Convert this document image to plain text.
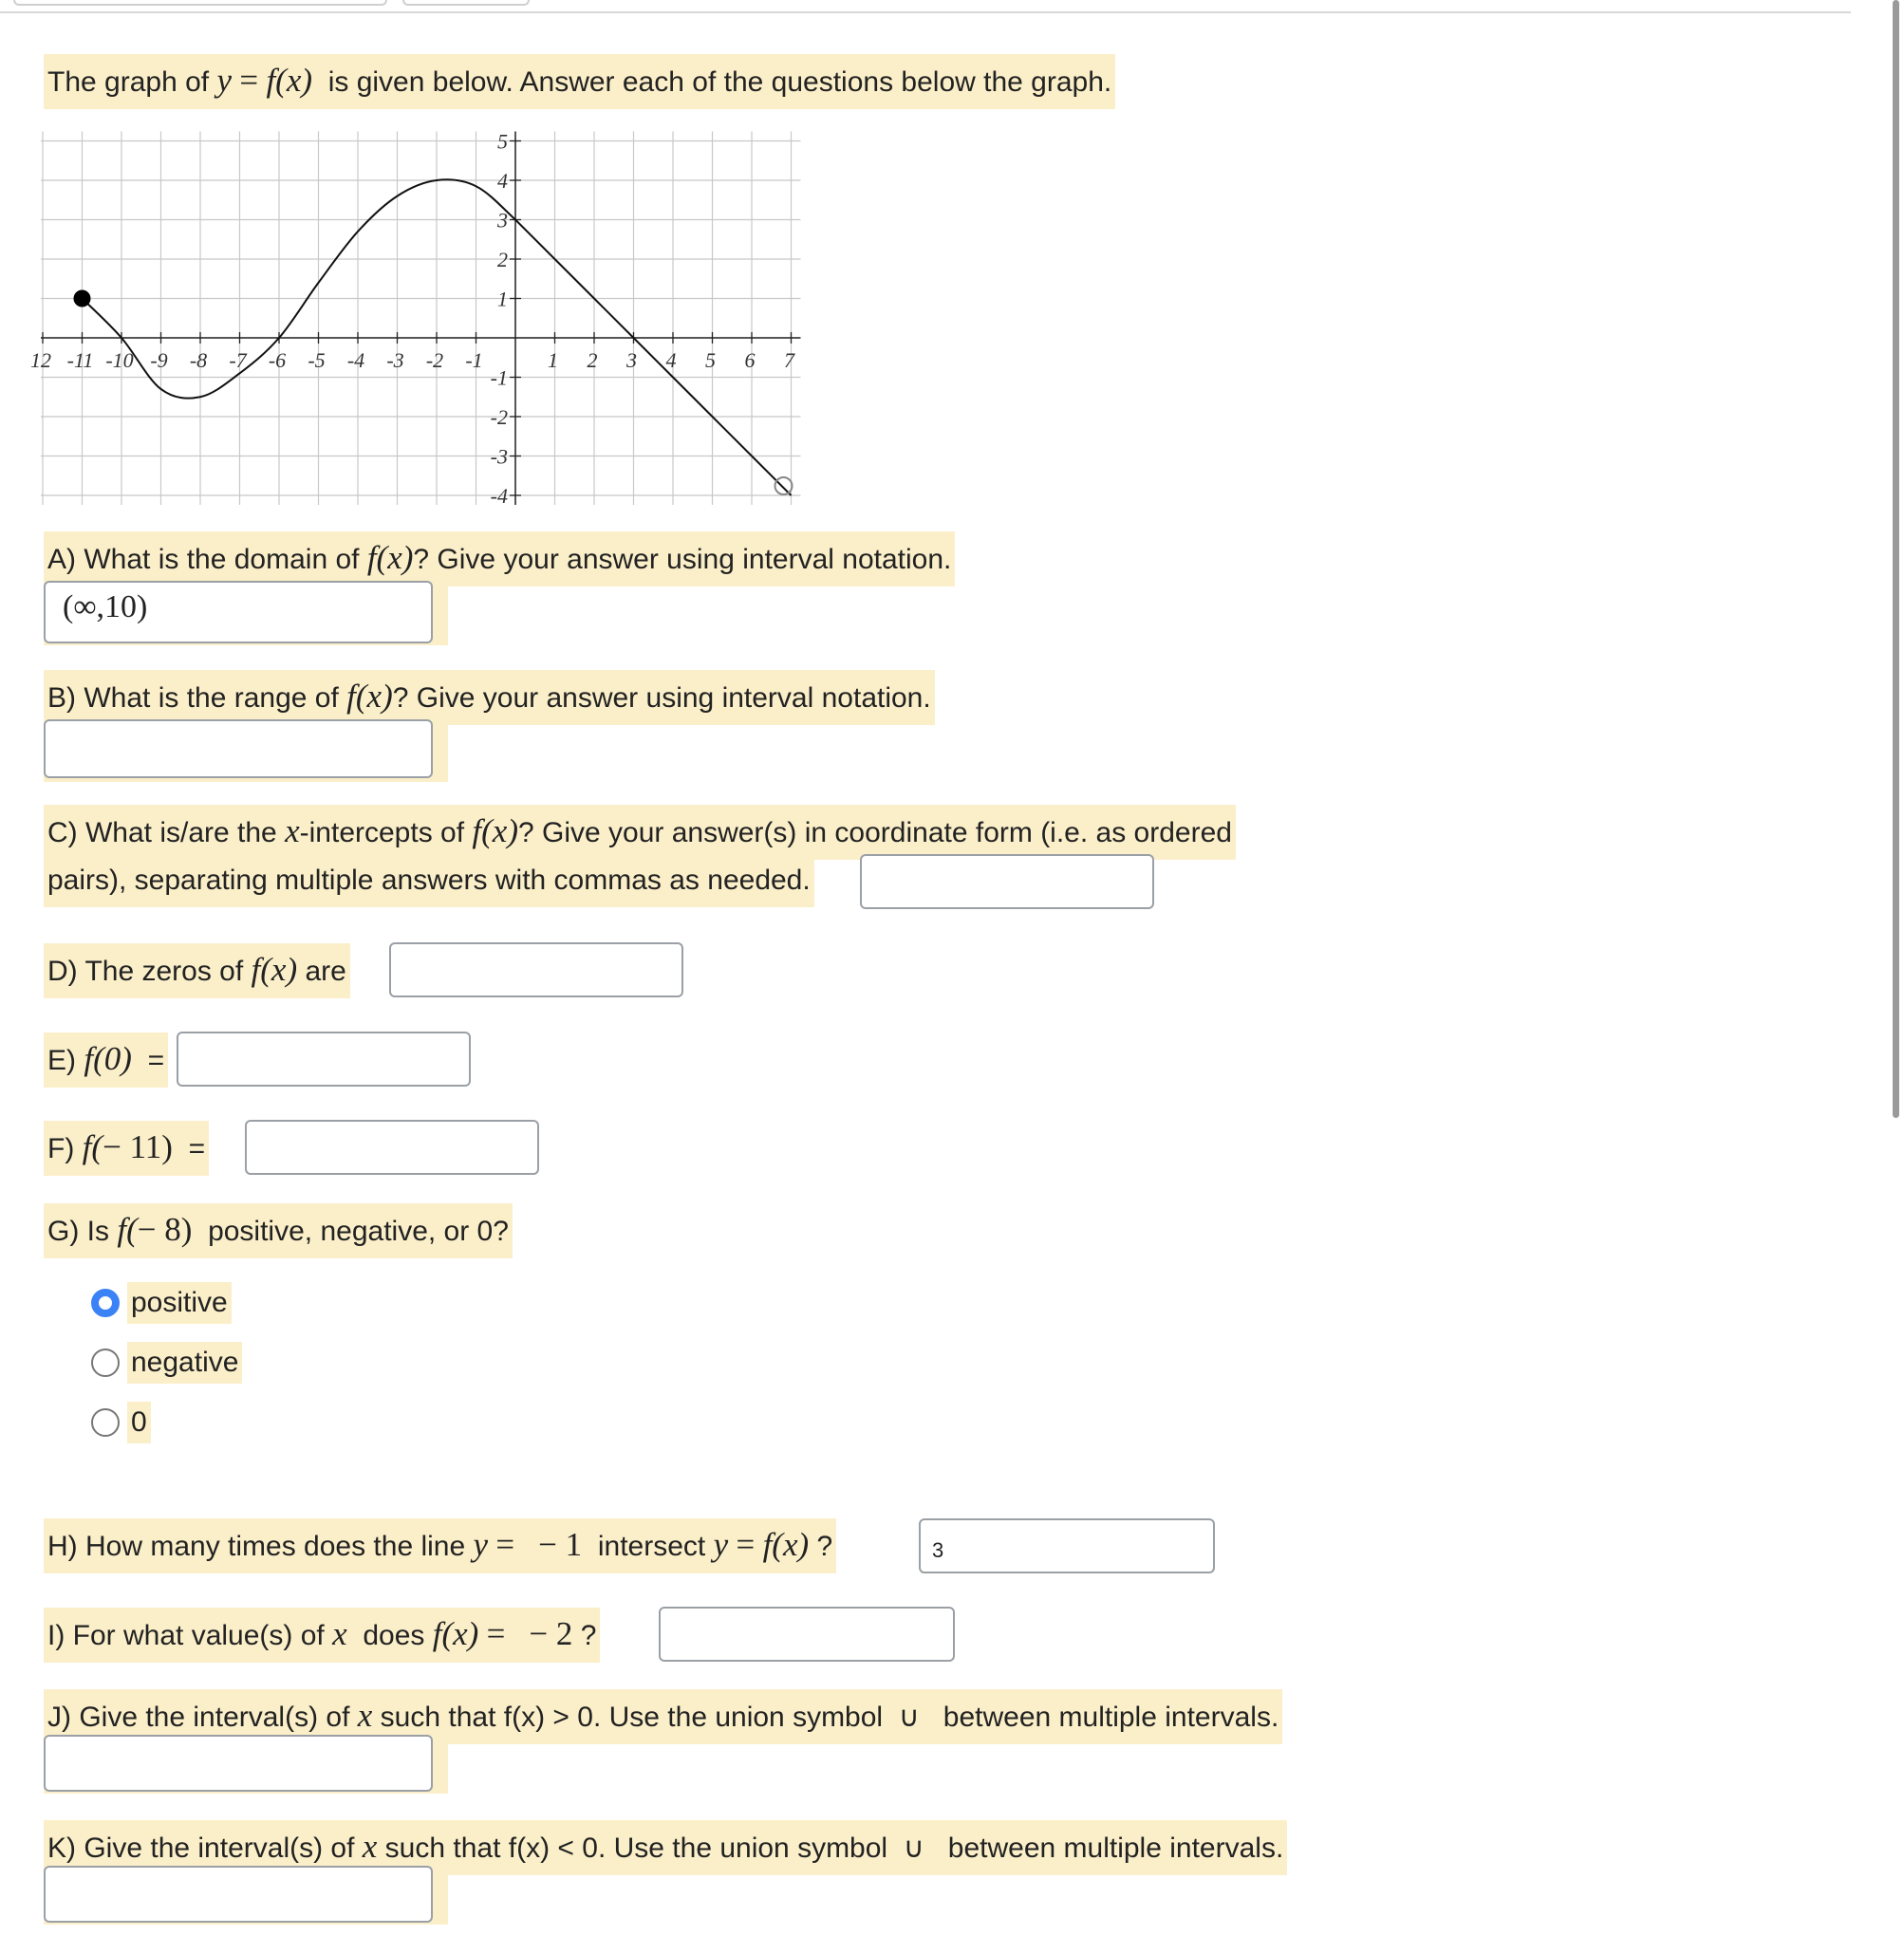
The graph of y = f(x) is given below. Answer each of the questions below the graph.
12 -11 -10 -9 -8 -7 -6 -5 -4 -3 -2 -1	1 2 3 4 5 6 7
5
4
3
2
1
-1
-2
-3
-4
A) What is the domain of f(x)? Give your answer using interval notation.
(∞,10)
B) What is the range of f(x)? Give your answer using interval notation.
C) What is/are the x-intercepts of f(x)? Give your answer(s) in coordinate form (i.e. as ordered
pairs), separating multiple answers with commas as needed.
D) The zeros of f(x) are
E) f(0) =
F) f(− 11) =
G) Is f(− 8) positive, negative, or 0?
positive
negative
0
H) How many times does the line y = − 1 intersect y = f(x) ?	3
I) For what value(s) of x does f(x) = − 2 ?
J) Give the interval(s) of x such that f(x) > 0. Use the union symbol ∪ between multiple intervals.
K) Give the interval(s) of x such that f(x) < 0. Use the union symbol ∪ between multiple intervals.
